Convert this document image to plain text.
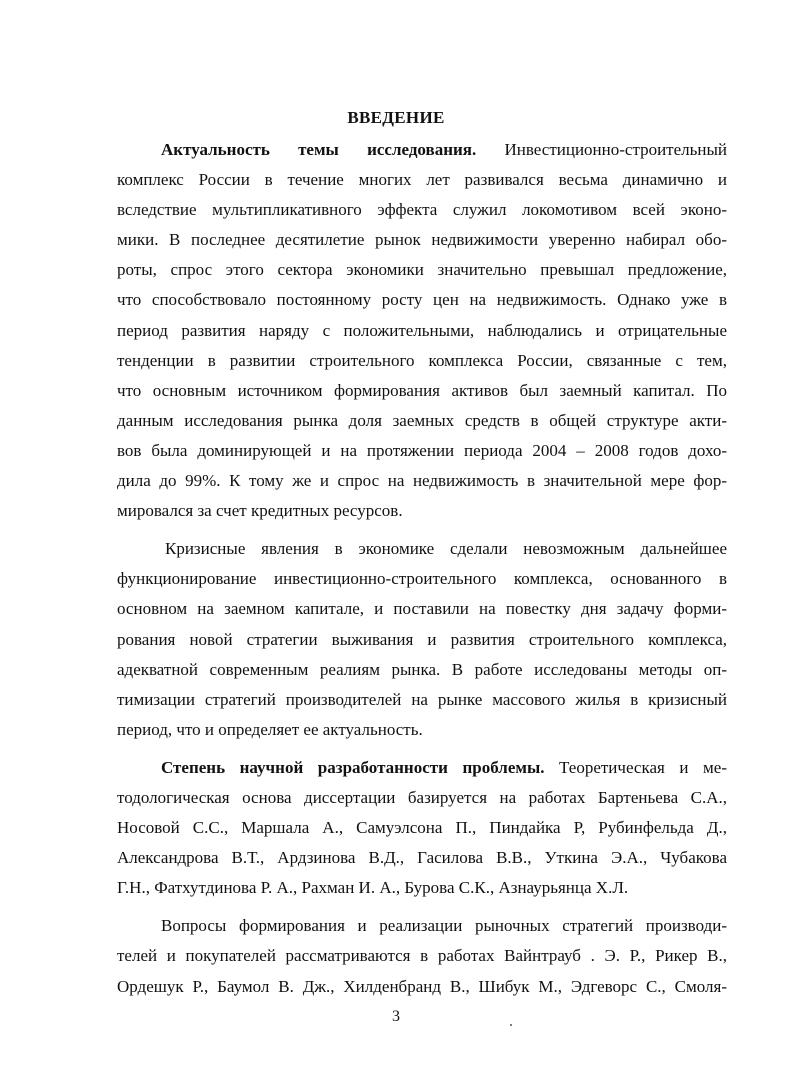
ВВЕДЕНИЕ
Актуальность темы исследования. Инвестиционно-строительный
комплекс России в течение многих лет развивался весьма динамично и
вследствие мультипликативного эффекта служил локомотивом всей эконо-
мики. В последнее десятилетие рынок недвижимости уверенно набирал обо-
роты, спрос этого сектора экономики значительно превышал предложение,
что способствовало постоянному росту цен на недвижимость. Однако уже в
период развития наряду с положительными, наблюдались и отрицательные
тенденции в развитии строительного комплекса России, связанные с тем,
что основным источником формирования активов был заемный капитал. По
данным исследования рынка доля заемных средств в общей структуре акти-
вов была доминирующей и на протяжении периода 2004 – 2008 годов дохо-
дила до 99%. К тому же и спрос на недвижимость в значительной мере фор-
мировался за счет кредитных ресурсов.
Кризисные явления в экономике сделали невозможным дальнейшее
функционирование инвестиционно-строительного комплекса, основанного в
основном на заемном капитале, и поставили на повестку дня задачу форми-
рования новой стратегии выживания и развития строительного комплекса,
адекватной современным реалиям рынка. В работе исследованы методы оп-
тимизации стратегий производителей на рынке массового жилья в кризисный
период, что и определяет ее актуальность.
Степень научной разработанности проблемы. Теоретическая и ме-
тодологическая основа диссертации базируется на работах Бартеньева С.А.,
Носовой С.С., Маршала А., Самуэлсона П., Пиндайка Р, Рубинфельда Д.,
Александрова В.Т., Ардзинова В.Д., Гасилова В.В., Уткина Э.А., Чубакова
Г.Н., Фатхутдинова Р. А., Рахман И. А., Бурова С.К., Азнаурьянца Х.Л.
Вопросы формирования и реализации рыночных стратегий производи-
телей и покупателей рассматриваются в работах Вайнтрауб . Э. Р., Рикер В.,
Ордешук Р., Баумол В. Дж., Хилденбранд В., Шибук М., Эдгеворс С., Смоля-
3
